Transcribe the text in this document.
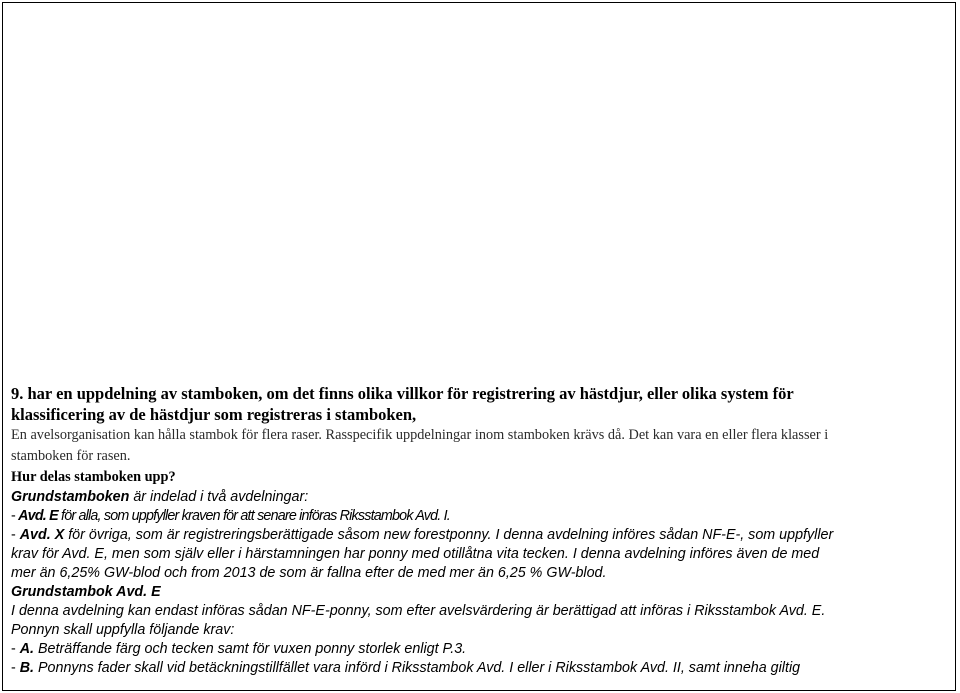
9. har en uppdelning av stamboken, om det finns olika villkor för registrering av hästdjur, eller olika system för
klassificering av de hästdjur som registreras i stamboken,
En avelsorganisation kan hålla stambok för flera raser. Rasspecifik uppdelningar inom stamboken krävs då. Det kan vara en eller flera klasser i
stamboken för rasen.
Hur delas stamboken upp?
Grundstamboken är indelad i två avdelningar:
- Avd. E för alla, som uppfyller kraven för att senare införas Riksstambok Avd. I.
- Avd. X för övriga, som är registreringsberättigade såsom new forestponny. I denna avdelning införes sådan NF-E-, som uppfyller
krav för Avd. E, men som själv eller i härstamningen har ponny med otillåtna vita tecken. I denna avdelning införes även de med
mer än 6,25% GW-blod och from 2013 de som är fallna efter de med mer än 6,25 % GW-blod.
Grundstambok Avd. E
I denna avdelning kan endast införas sådan NF-E-ponny, som efter avelsvärdering är berättigad att införas i Riksstambok Avd. E.
Ponnyn skall uppfylla följande krav:
- A. Beträffande färg och tecken samt för vuxen ponny storlek enligt P.3.
- B. Ponnyns fader skall vid betäckningstillfället vara införd i Riksstambok Avd. I eller i Riksstambok Avd. II, samt inneha giltig
